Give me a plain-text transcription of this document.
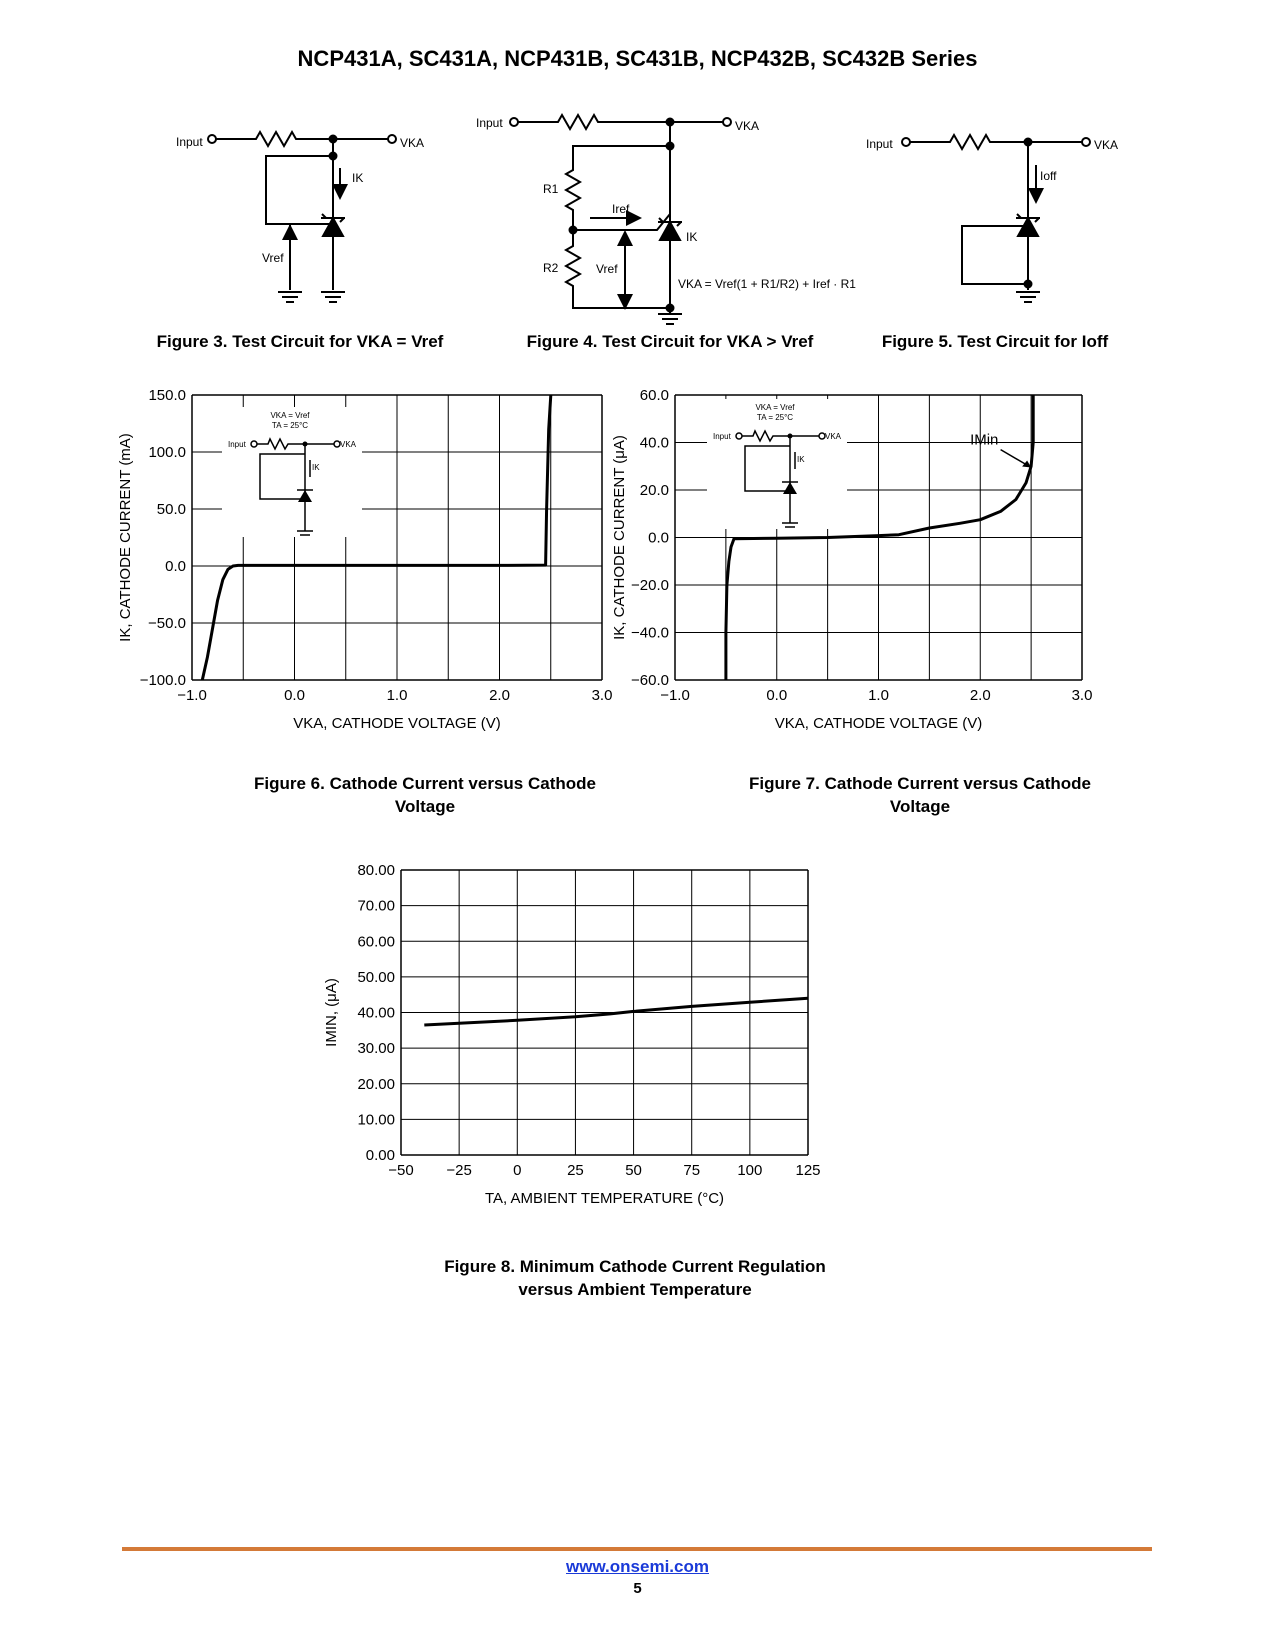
NCP431A, SC431A, NCP431B, SC431B, NCP432B, SC432B Series
Input	VKA
IK
Vref
Input	VKA
R1
R2
Iref
IK
Vref
VKA = Vref(1 + R1/R2) + Iref · R1
Input	VKA
Ioff
Figure 3. Test Circuit for VKA = Vref	Figure 4. Test Circuit for VKA > Vref	Figure 5. Test Circuit for Ioff
−1.0	0.0	1.0	2.0	3.0
150.0
100.0
50.0
0.0
−50.0
−100.0
VKA, CATHODE VOLTAGE (V)
IK, CATHODE CURRENT (mA)
VKA = Vref
TA = 25°C
Input	VKA
IK
−1.0	0.0	1.0	2.0	3.0
60.0
40.0
20.0
0.0
−20.0
−40.0
−60.0
VKA, CATHODE VOLTAGE (V)
IK, CATHODE CURRENT (μA)
VKA = Vref
TA = 25°C
Input	VKA
IK
IMin
−50 −25	0	25	50	75 100 125
80.00
70.00
60.00
50.00
40.00
30.00
20.00
10.00
0.00
TA, AMBIENT TEMPERATURE (°C)
IMIN, (μA)
Figure 6. Cathode Current versus Cathode
Voltage
Figure 7. Cathode Current versus Cathode
Voltage
Figure 8. Minimum Cathode Current Regulation
versus Ambient Temperature
www.onsemi.com
5
